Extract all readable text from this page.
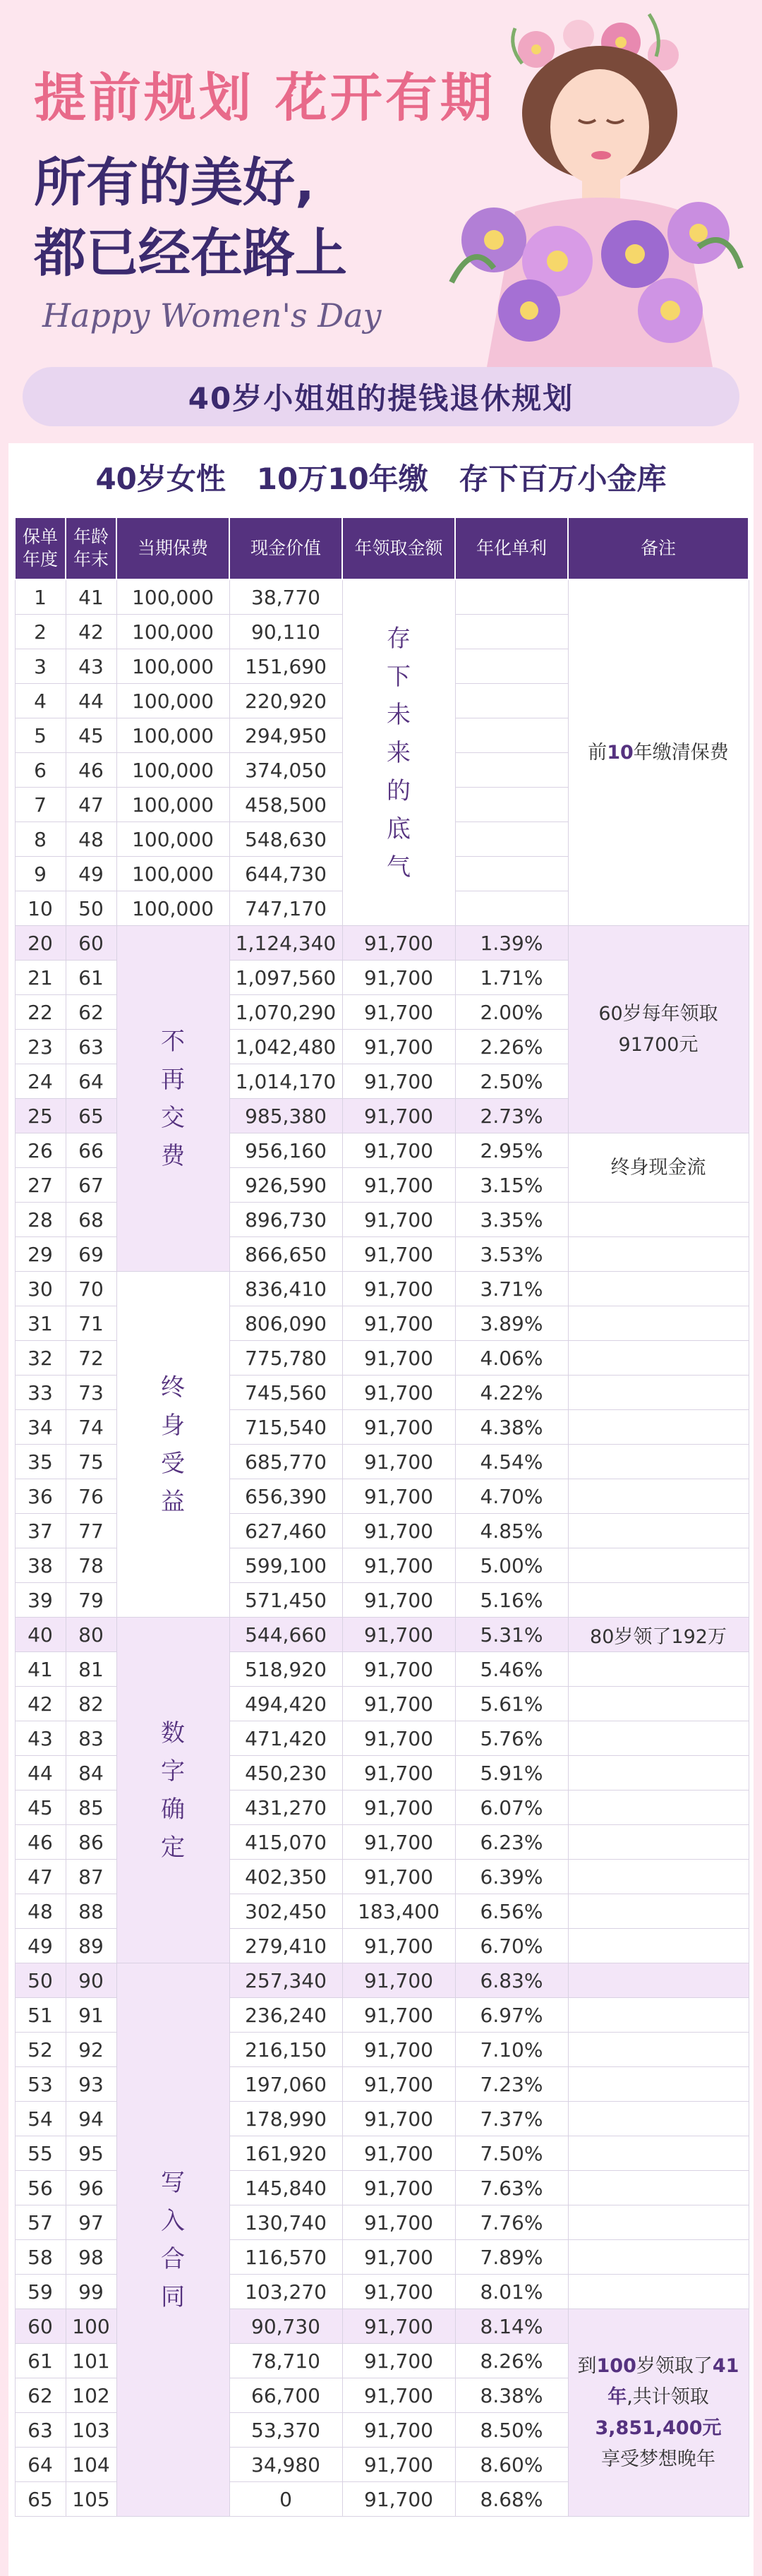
提前规划 花开有期
所有的美好,
都已经在路上
Happy Women's Day
40岁小姐姐的提钱退休规划
40岁女性   10万10年缴   存下百万小金库
保单年度	年龄年末	当期保费	现金价值	年领取金额	年化单利	备注
1	41	100,000	38,770	存下未来的底气		前10年缴清保费

2	42	100,000	90,110			
3	43	100,000	151,690			
4	44	100,000	220,920			
5	45	100,000	294,950			
6	46	100,000	374,050			
7	47	100,000	458,500			
8	48	100,000	548,630			
9	49	100,000	644,730			
10	50	100,000	747,170			
20	60	不再交费	1,124,340	91,700	1.39%	60岁每年领取91700元

21	61		1,097,560	91,700	1.71%	
22	62		1,070,290	91,700	2.00%	
23	63		1,042,480	91,700	2.26%	
24	64		1,014,170	91,700	2.50%	
25	65		985,380	91,700	2.73%	
26	66		956,160	91,700	2.95%	终身现金流
27	67		926,590	91,700	3.15%	
28	68		896,730	91,700	3.35%	
29	69		866,650	91,700	3.53%	
30	70	终身受益	836,410	91,700	3.71%	
31	71		806,090	91,700	3.89%	
32	72		775,780	91,700	4.06%	
33	73		745,560	91,700	4.22%	
34	74		715,540	91,700	4.38%	
35	75		685,770	91,700	4.54%	
36	76		656,390	91,700	4.70%	
37	77		627,460	91,700	4.85%	
38	78		599,100	91,700	5.00%	
39	79		571,450	91,700	5.16%	
40	80	数字确定	544,660	91,700	5.31%	80岁领了192万
41	81		518,920	91,700	5.46%	
42	82		494,420	91,700	5.61%	
43	83		471,420	91,700	5.76%	
44	84		450,230	91,700	5.91%	
45	85		431,270	91,700	6.07%	
46	86		415,070	91,700	6.23%	
47	87		402,350	91,700	6.39%	
48	88		302,450	183,400	6.56%	
49	89		279,410	91,700	6.70%	
50	90	写入合同	257,340	91,700	6.83%	
51	91		236,240	91,700	6.97%	
52	92		216,150	91,700	7.10%	
53	93		197,060	91,700	7.23%	
54	94		178,990	91,700	7.37%	
55	95		161,920	91,700	7.50%	
56	96		145,840	91,700	7.63%	
57	97		130,740	91,700	7.76%	
58	98		116,570	91,700	7.89%	
59	99		103,270	91,700	8.01%	
60	100		90,730	91,700	8.14%	到100岁领取了41年,共计领取
3,851,400元
享受梦想晚年

61	101		78,710	91,700	8.26%	
62	102		66,700	91,700	8.38%	
63	103		53,370	91,700	8.50%	
64	104		34,980	91,700	8.60%	
65	105		0	91,700	8.68%	
